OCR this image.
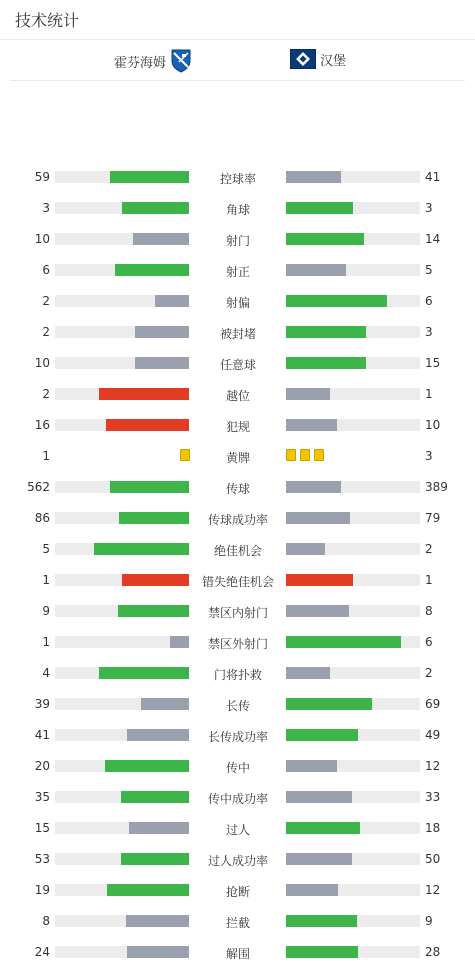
技术统计
霍芬海姆	汉堡
59	控球率	41
3	角球	3
10	射门	14
6	射正	5
2	射偏	6
2	被封堵	3
10	任意球	15
2	越位	1
16	犯规	10
1	黄牌	3
562	传球	389
86	传球成功率	79
5	绝佳机会	2
1	错失绝佳机会	1
9	禁区内射门	8
1	禁区外射门	6
4	门将扑救	2
39	长传	69
41	长传成功率	49
20	传中	12
35	传中成功率	33
15	过人	18
53	过人成功率	50
19	抢断	12
8	拦截	9
24	解围	28
